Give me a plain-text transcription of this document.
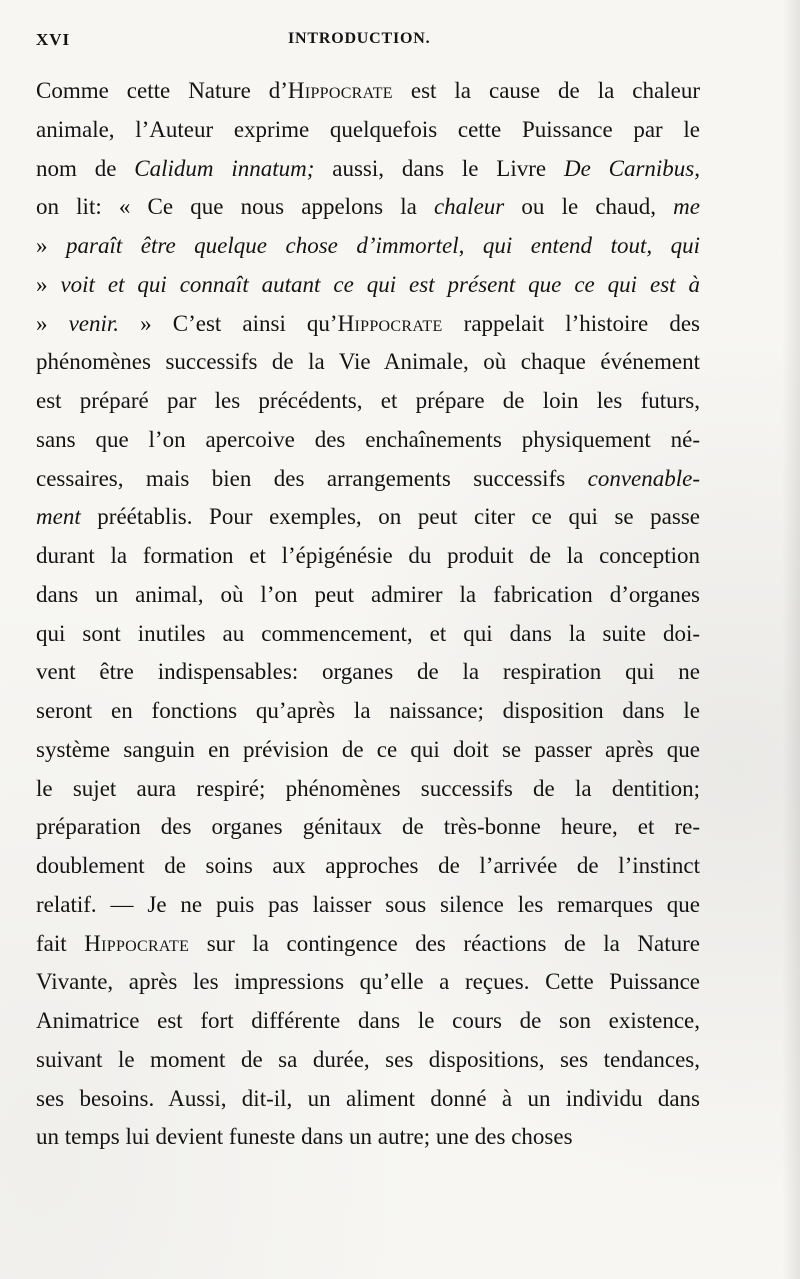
XVI	INTRODUCTION.
Comme cette Nature d’Hippocrate est la cause de la chaleur
animale, l’Auteur exprime quelquefois cette Puissance par le
nom de Calidum innatum; aussi, dans le Livre De Carnibus,
on lit: « Ce que nous appelons la chaleur ou le chaud, me
» paraît être quelque chose d’immortel, qui entend tout, qui
» voit et qui connaît autant ce qui est présent que ce qui est à
» venir. » C’est ainsi qu’Hippocrate rappelait l’histoire des
phénomènes successifs de la Vie Animale, où chaque événement
est préparé par les précédents, et prépare de loin les futurs,
sans que l’on apercoive des enchaînements physiquement né-
cessaires, mais bien des arrangements successifs convenable-
ment préétablis. Pour exemples, on peut citer ce qui se passe
durant la formation et l’épigénésie du produit de la conception
dans un animal, où l’on peut admirer la fabrication d’organes
qui sont inutiles au commencement, et qui dans la suite doi-
vent être indispensables: organes de la respiration qui ne
seront en fonctions qu’après la naissance; disposition dans le
système sanguin en prévision de ce qui doit se passer après que
le sujet aura respiré; phénomènes successifs de la dentition;
préparation des organes génitaux de très-bonne heure, et re-
doublement de soins aux approches de l’arrivée de l’instinct
relatif. — Je ne puis pas laisser sous silence les remarques que
fait Hippocrate sur la contingence des réactions de la Nature
Vivante, après les impressions qu’elle a reçues. Cette Puissance
Animatrice est fort différente dans le cours de son existence,
suivant le moment de sa durée, ses dispositions, ses tendances,
ses besoins. Aussi, dit-il, un aliment donné à un individu dans
un temps lui devient funeste dans un autre; une des choses
